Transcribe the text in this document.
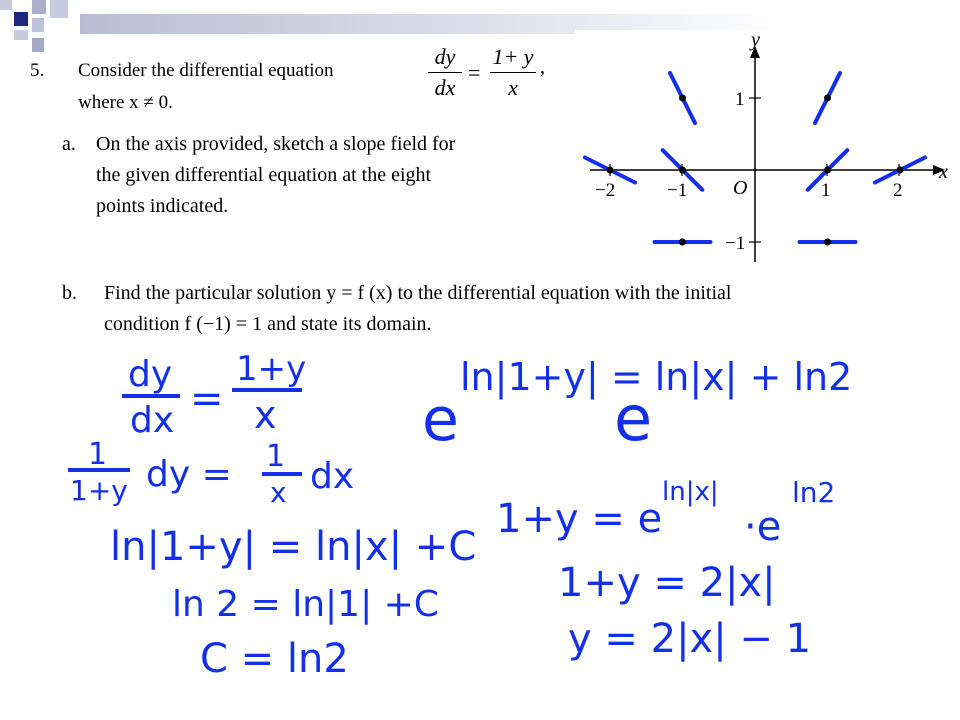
5. Consider the differential equation
dy
dx
=
1+ y
x
,
where x ≠ 0.
a. On the axis provided, sketch a slope field for
the given differential equation at the eight
points indicated.
b. Find the particular solution y = f (x) to the differential equation with the initial
condition f (−1) = 1 and state its domain.
x
y
O
−2	−1	1	2
1
−1
dy
dx =
1+y
x
1
1+y dy = 1
x dx
ln|1+y| = ln|x| +C
ln 2 = ln|1| +C
C = ln2
e
ln|1+y| = ln|x| + ln2
e
1+y = e
ln|x|
·e
ln2
1+y = 2|x|
y = 2|x| − 1
